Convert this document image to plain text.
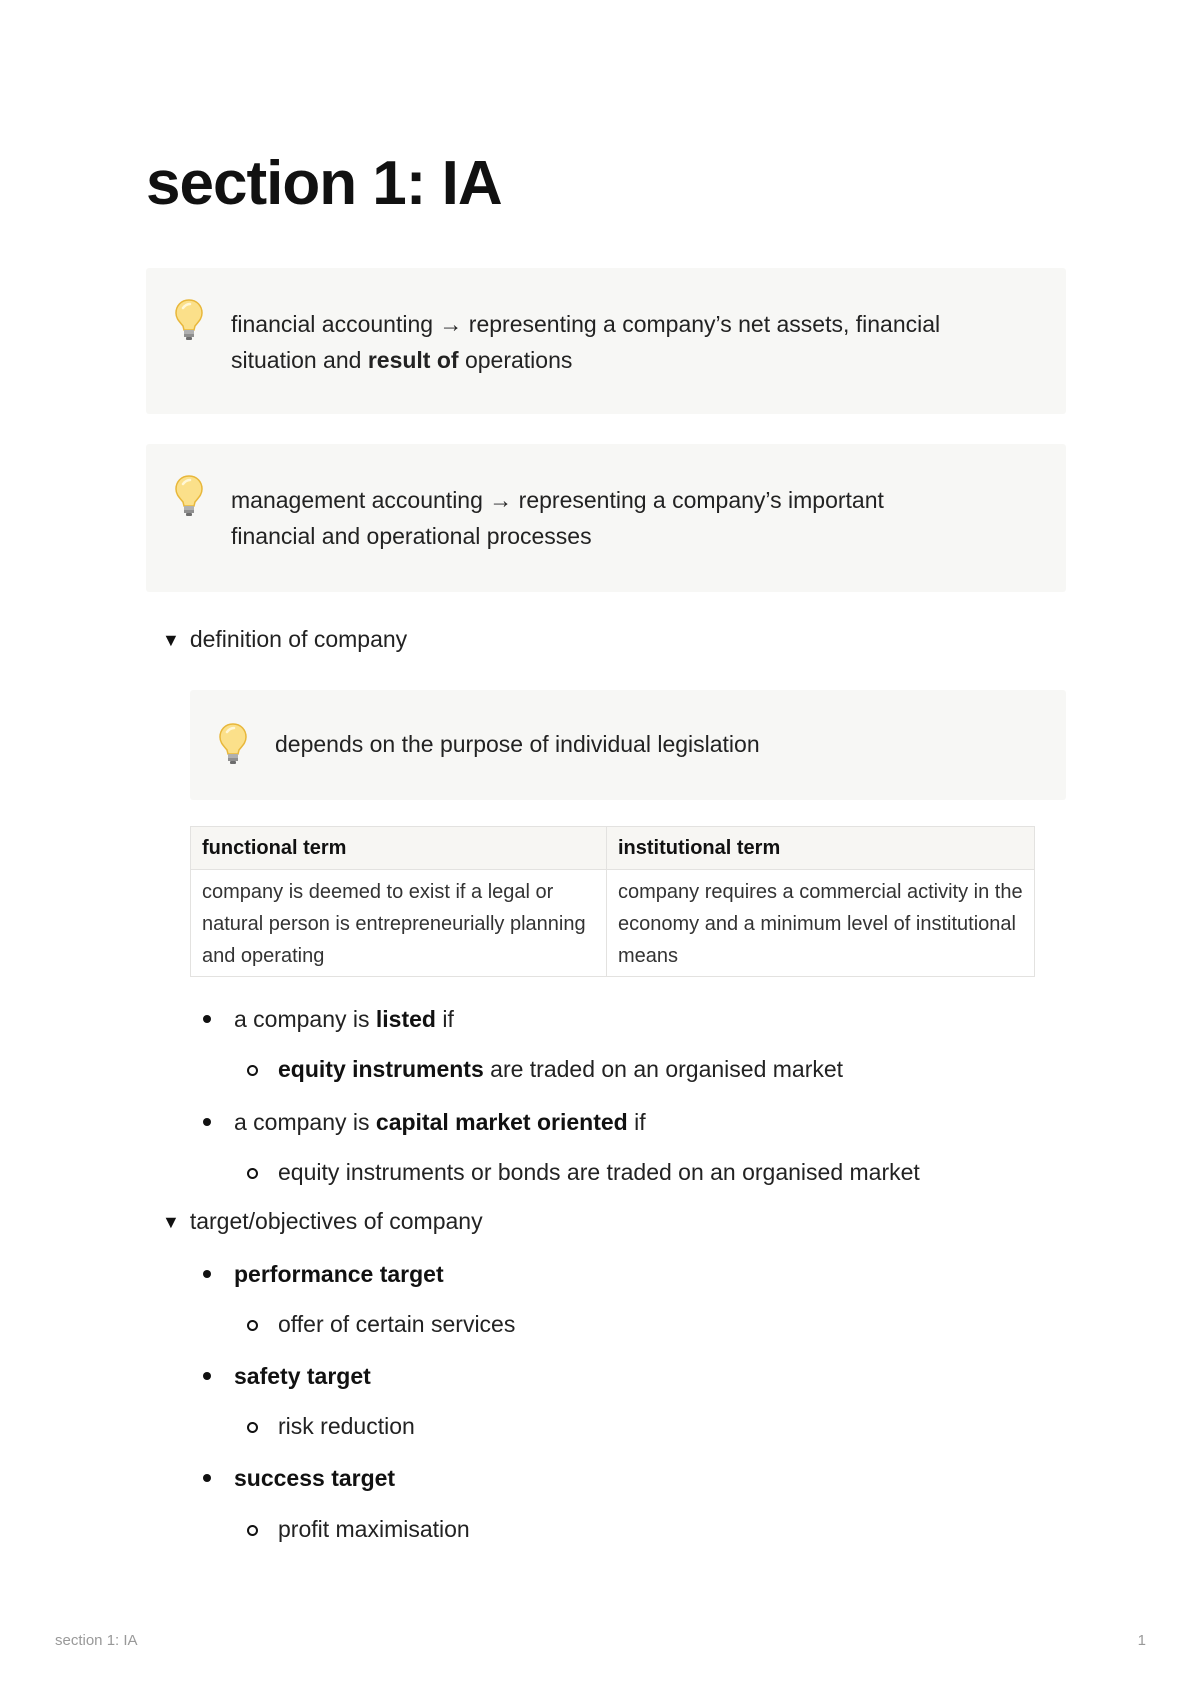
section 1: IA
financial accounting → representing a company’s net assets, financial
situation and result of operations
management accounting → representing a company’s important
financial and operational processes
▼ definition of company
depends on the purpose of individual legislation
functional term	institutional term
company is deemed to exist if a legal or natural person is entrepreneurially planning and operating	company requires a commercial activity in the economy and a minimum level of institutional means
a company is listed if
equity instruments are traded on an organised market
a company is capital market oriented if
equity instruments or bonds are traded on an organised market
▼ target/objectives of company
performance target
offer of certain services
safety target
risk reduction
success target
profit maximisation
section 1: IA	1
